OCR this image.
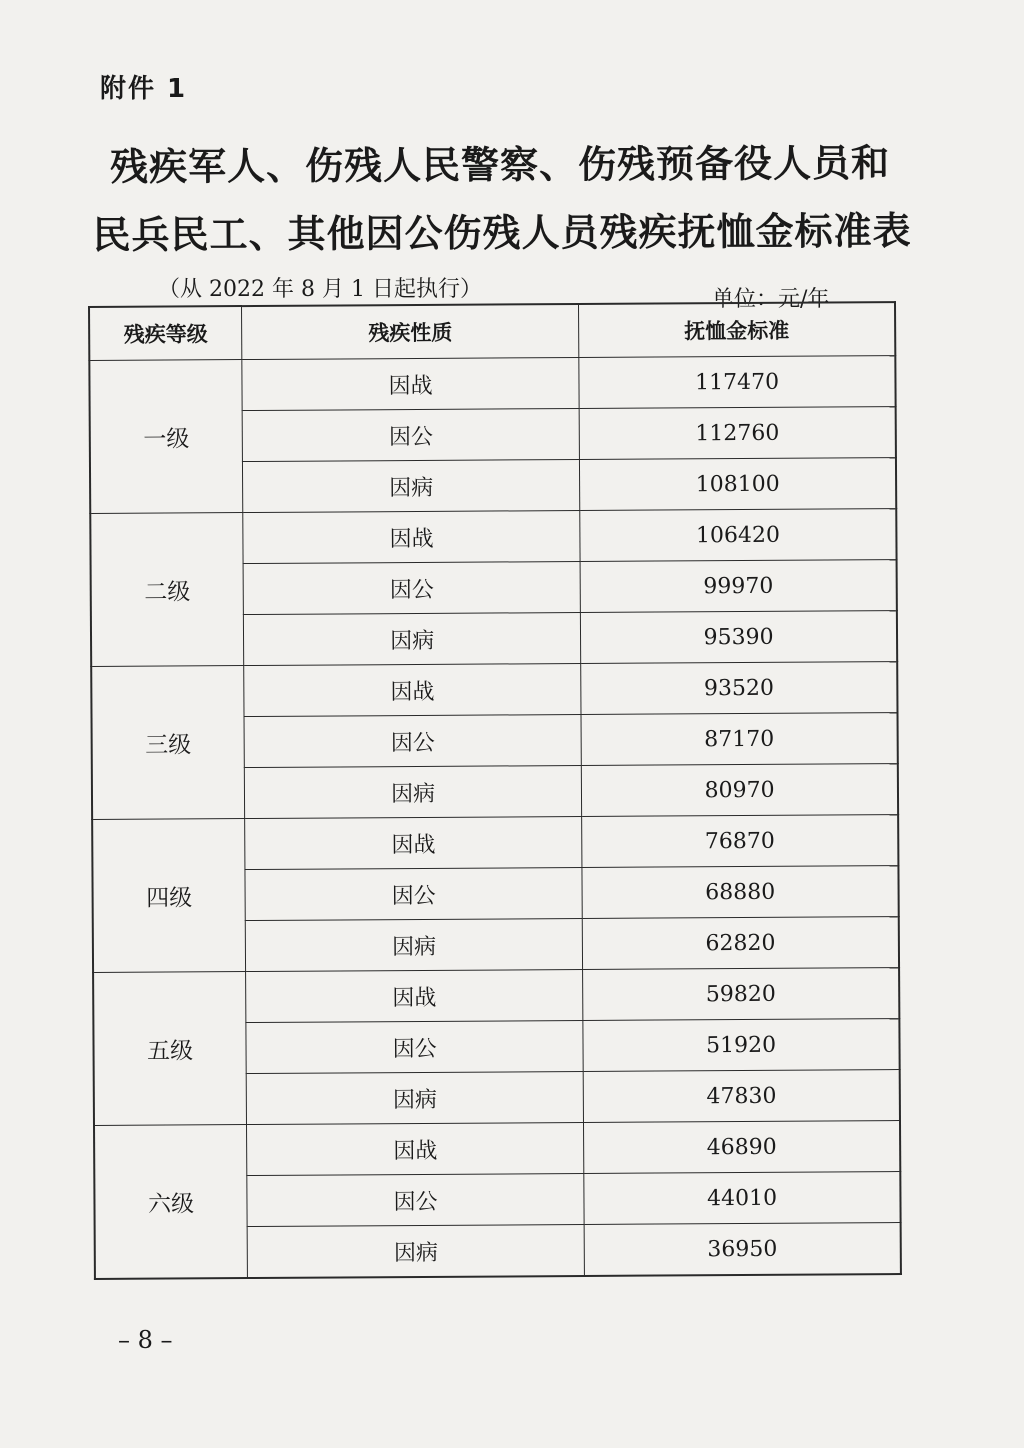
附件 1
残疾军人、伤残人民警察、伤残预备役人员和
民兵民工、其他因公伤残人员残疾抚恤金标准表
（从 2022 年 8 月 1 日起执行）	单位：元/年
残疾等级	残疾性质	抚恤金标准
一级	因战	117470
	因公	112760
	因病	108100
二级	因战	106420
	因公	99970
	因病	95390
三级	因战	93520
	因公	87170
	因病	80970
四级	因战	76870
	因公	68880
	因病	62820
五级	因战	59820
	因公	51920
	因病	47830
六级	因战	46890
	因公	44010
	因病	36950
– 8 –
